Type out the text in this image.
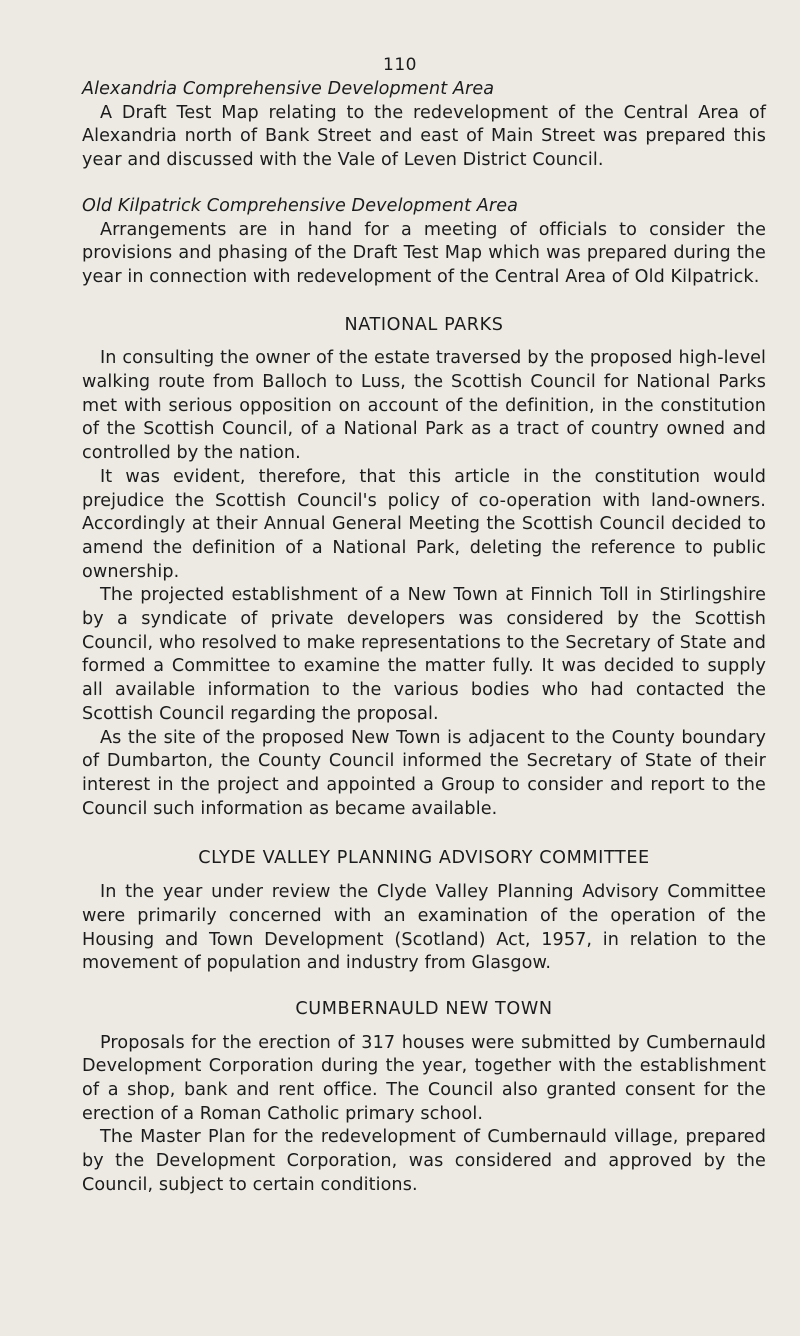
110

Alexandria Comprehensive Development Area

A Draft Test Map relating to the redevelopment of the Central Area of Alexandria north of Bank Street and east of Main Street was prepared this year and discussed with the Vale of Leven District Council.

Old Kilpatrick Comprehensive Development Area

Arrangements are in hand for a meeting of officials to consider the provisions and phasing of the Draft Test Map which was prepared during the year in connection with redevelopment of the Central Area of Old Kilpatrick.

NATIONAL PARKS

In consulting the owner of the estate traversed by the proposed high-level walking route from Balloch to Luss, the Scottish Council for National Parks met with serious opposition on account of the definition, in the constitution of the Scottish Council, of a National Park as a tract of country owned and controlled by the nation.

It was evident, therefore, that this article in the constitution would prejudice the Scottish Council's policy of co-operation with land-owners. Accordingly at their Annual General Meeting the Scottish Council decided to amend the definition of a National Park, deleting the reference to public ownership.

The projected establishment of a New Town at Finnich Toll in Stirlingshire by a syndicate of private developers was considered by the Scottish Council, who resolved to make representations to the Secretary of State and formed a Committee to examine the matter fully. It was decided to supply all available information to the various bodies who had contacted the Scottish Council regarding the proposal.

As the site of the proposed New Town is adjacent to the County boundary of Dumbarton, the County Council informed the Secretary of State of their interest in the project and appointed a Group to consider and report to the Council such information as became available.

CLYDE VALLEY PLANNING ADVISORY COMMITTEE

In the year under review the Clyde Valley Planning Advisory Committee were primarily concerned with an examination of the operation of the Housing and Town Development (Scotland) Act, 1957, in relation to the movement of population and industry from Glasgow.

CUMBERNAULD NEW TOWN

Proposals for the erection of 317 houses were submitted by Cumbernauld Development Corporation during the year, together with the establishment of a shop, bank and rent office. The Council also granted consent for the erection of a Roman Catholic primary school.

The Master Plan for the redevelopment of Cumbernauld village, prepared by the Development Corporation, was considered and approved by the Council, subject to certain conditions.
